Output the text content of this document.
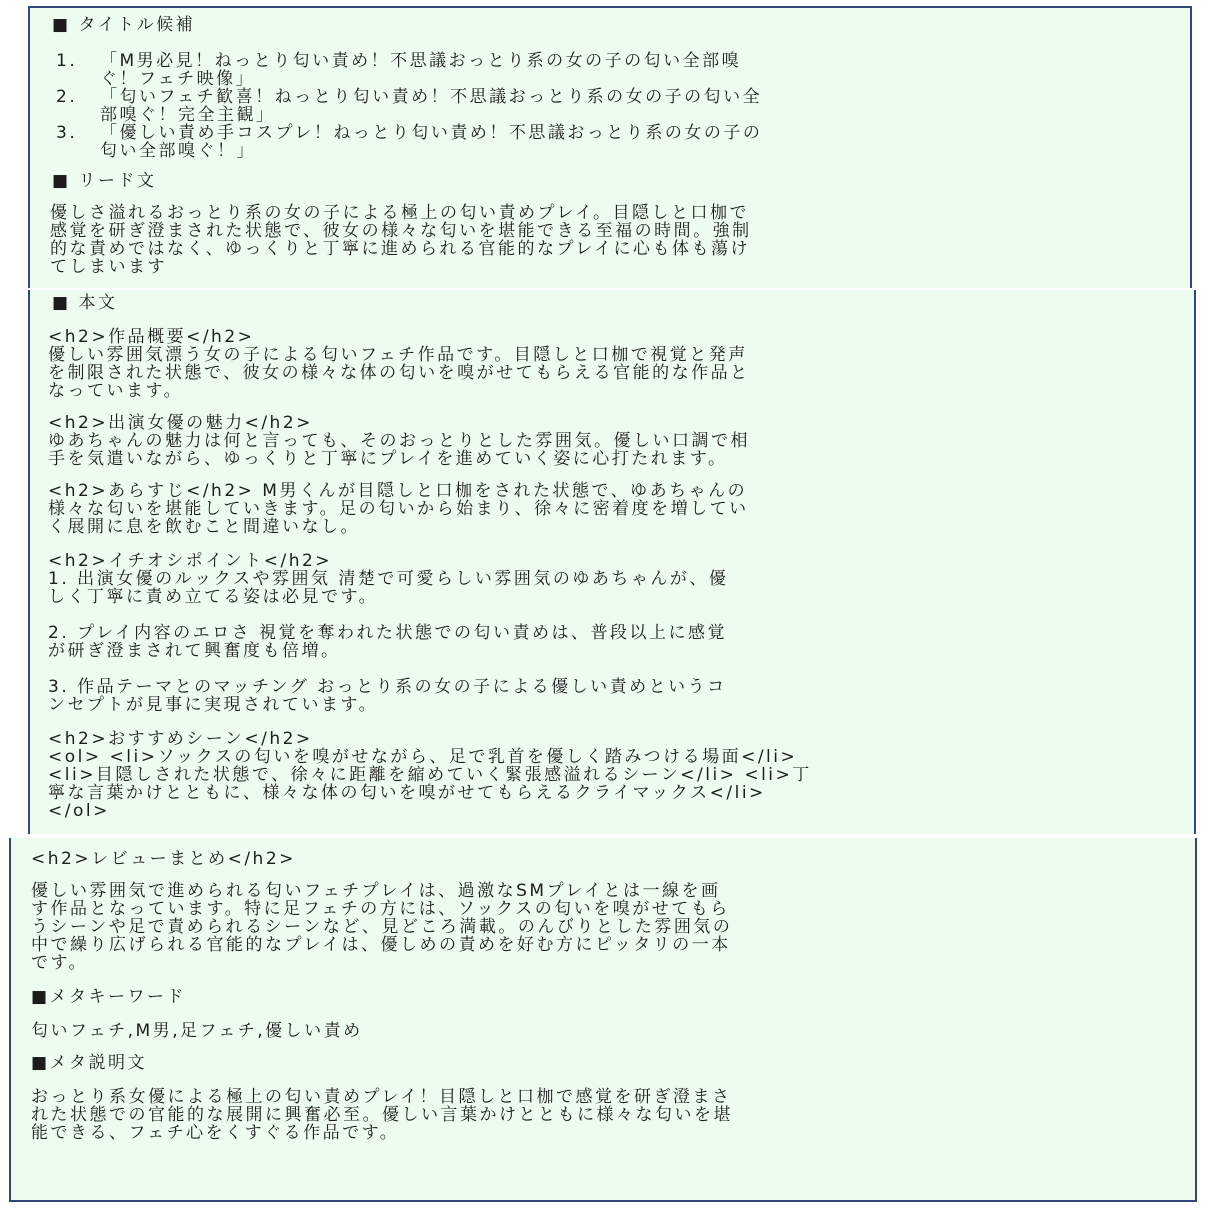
■ タイトル候補

1. 「M男必見！ねっとり匂い責め！不思議おっとり系の女の子の匂い全部嗅
ぐ！フェチ映像」
2. 「匂いフェチ歓喜！ねっとり匂い責め！不思議おっとり系の女の子の匂い全
部嗅ぐ！完全主観」
3. 「優しい責め手コスプレ！ねっとり匂い責め！不思議おっとり系の女の子の
匂い全部嗅ぐ！」

■ リード文

優しさ溢れるおっとり系の女の子による極上の匂い責めプレイ。目隠しと口枷で
感覚を研ぎ澄まされた状態で、彼女の様々な匂いを堪能できる至福の時間。強制
的な責めではなく、ゆっくりと丁寧に進められる官能的なプレイに心も体も蕩け
てしまいます

■ 本文

<h2>作品概要</h2>
優しい雰囲気漂う女の子による匂いフェチ作品です。目隠しと口枷で視覚と発声
を制限された状態で、彼女の様々な体の匂いを嗅がせてもらえる官能的な作品と
なっています。
<h2>出演女優の魅力</h2>
ゆあちゃんの魅力は何と言っても、そのおっとりとした雰囲気。優しい口調で相
手を気遣いながら、ゆっくりと丁寧にプレイを進めていく姿に心打たれます。
<h2>あらすじ</h2> M男くんが目隠しと口枷をされた状態で、ゆあちゃんの
様々な匂いを堪能していきます。足の匂いから始まり、徐々に密着度を増してい
く展開に息を飲むこと間違いなし。
<h2>イチオシポイント</h2>
1. 出演女優のルックスや雰囲気 清楚で可愛らしい雰囲気のゆあちゃんが、優
しく丁寧に責め立てる姿は必見です。
2. プレイ内容のエロさ 視覚を奪われた状態での匂い責めは、普段以上に感覚
が研ぎ澄まされて興奮度も倍増。
3. 作品テーマとのマッチング おっとり系の女の子による優しい責めというコ
ンセプトが見事に実現されています。
<h2>おすすめシーン</h2>
<ol> <li>ソックスの匂いを嗅がせながら、足で乳首を優しく踏みつける場面</li>
<li>目隠しされた状態で、徐々に距離を縮めていく緊張感溢れるシーン</li> <li>丁
寧な言葉かけとともに、様々な体の匂いを嗅がせてもらえるクライマックス</li>
</ol>

<h2>レビューまとめ</h2>

優しい雰囲気で進められる匂いフェチプレイは、過激なSMプレイとは一線を画
す作品となっています。特に足フェチの方には、ソックスの匂いを嗅がせてもら
うシーンや足で責められるシーンなど、見どころ満載。のんびりとした雰囲気の
中で繰り広げられる官能的なプレイは、優しめの責めを好む方にピッタリの一本
です。

■メタキーワード

匂いフェチ,M男,足フェチ,優しい責め

■メタ説明文

おっとり系女優による極上の匂い責めプレイ！目隠しと口枷で感覚を研ぎ澄まさ
れた状態での官能的な展開に興奮必至。優しい言葉かけとともに様々な匂いを堪
能できる、フェチ心をくすぐる作品です。
